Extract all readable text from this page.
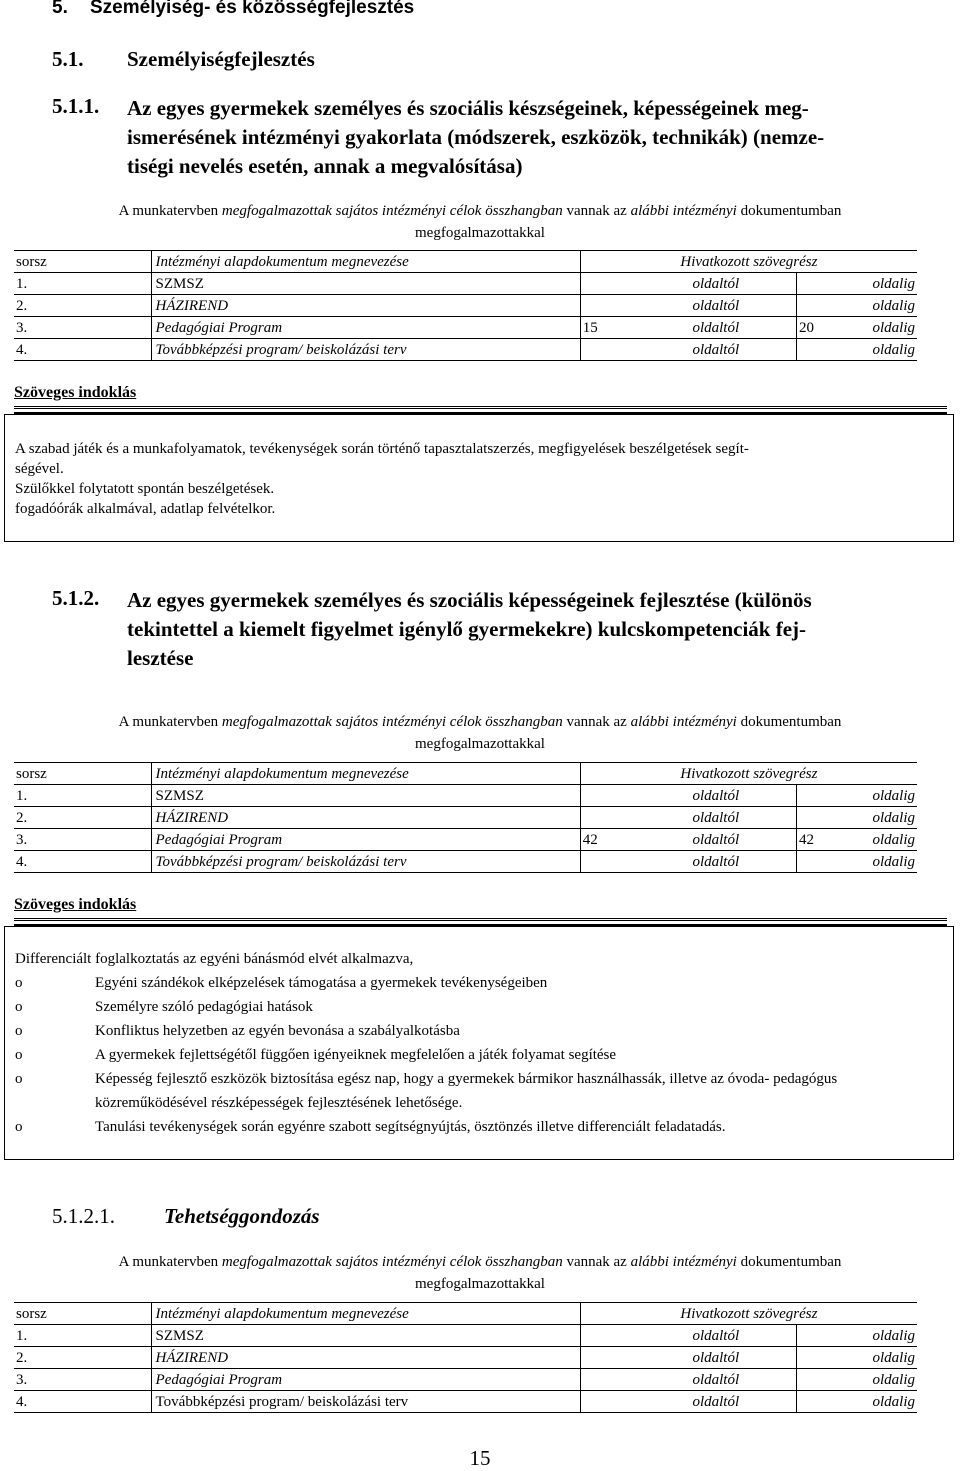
5. Személyiség- és közösségfejlesztés
5.1. Személyiségfejlesztés
5.1.1. Az egyes gyermekek személyes és szociális készségeinek, képességeinek meg-
ismerésének intézményi gyakorlata (módszerek, eszközök, technikák) (nemze-
tiségi nevelés esetén, annak a megvalósítása)
A munkatervben megfogalmazottak sajátos intézményi célok összhangban vannak az alábbi intézményi dokumentumban
megfogalmazottakkal
sorsz	Intézményi alapdokumentum megnevezése	Hivatkozott szövegrész			
1.	SZMSZ		oldaltól		oldalig
2.	HÁZIREND		oldaltól		oldalig
3.	Pedagógiai Program	15	oldaltól	20	oldalig
4.	Továbbképzési program/ beiskolázási terv		oldaltól		oldalig
Szöveges indoklás
A szabad játék és a munkafolyamatok, tevékenységek során történő tapasztalatszerzés, megfigyelések beszélgetések segít-
ségével.
Szülőkkel folytatott spontán beszélgetések.
fogadóórák alkalmával, adatlap felvételkor.
5.1.2. Az egyes gyermekek személyes és szociális képességeinek fejlesztése (különös
tekintettel a kiemelt figyelmet igénylő gyermekekre) kulcskompetenciák fej-
lesztése
A munkatervben megfogalmazottak sajátos intézményi célok összhangban vannak az alábbi intézményi dokumentumban
megfogalmazottakkal
sorsz	Intézményi alapdokumentum megnevezése	Hivatkozott szövegrész			
1.	SZMSZ		oldaltól		oldalig
2.	HÁZIREND		oldaltól		oldalig
3.	Pedagógiai Program	42	oldaltól	42	oldalig
4.	Továbbképzési program/ beiskolázási terv		oldaltól		oldalig
Szöveges indoklás
Differenciált foglalkoztatás az egyéni bánásmód elvét alkalmazva,
o	Egyéni szándékok elképzelések támogatása a gyermekek tevékenységeiben
o	Személyre szóló pedagógiai hatások
o	Konfliktus helyzetben az egyén bevonása a szabályalkotásba
o	A gyermekek fejlettségétől függően igényeiknek megfelelően a játék folyamat segítése
o	Képesség fejlesztő eszközök biztosítása egész nap, hogy a gyermekek bármikor használhassák, illetve az óvoda- pedagógus közreműködésével részképességek fejlesztésének lehetősége.
o	Tanulási tevékenységek során egyénre szabott segítségnyújtás, ösztönzés illetve differenciált feladatadás.
5.1.2.1. Tehetséggondozás
A munkatervben megfogalmazottak sajátos intézményi célok összhangban vannak az alábbi intézményi dokumentumban
megfogalmazottakkal
sorsz	Intézményi alapdokumentum megnevezése	Hivatkozott szövegrész			
1.	SZMSZ		oldaltól		oldalig
2.	HÁZIREND		oldaltól		oldalig
3.	Pedagógiai Program		oldaltól		oldalig
4.	Továbbképzési program/ beiskolázási terv		oldaltól		oldalig
15
